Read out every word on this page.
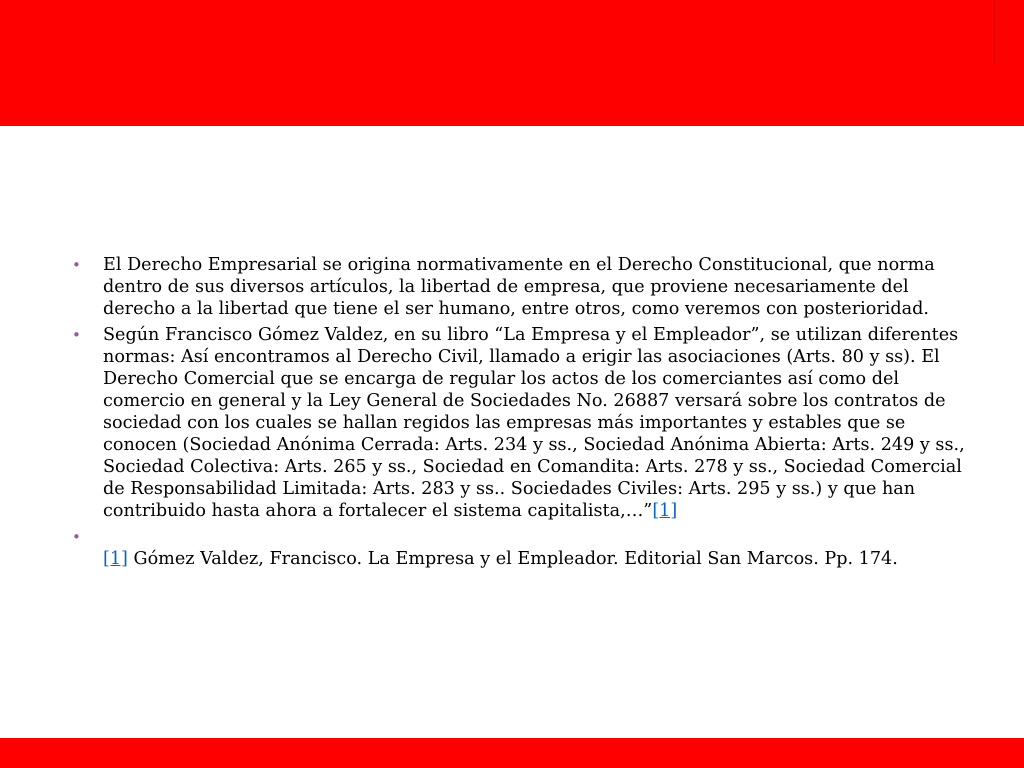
• El Derecho Empresarial se origina normativamente en el Derecho Constitucional, que norma dentro de sus diversos artículos, la libertad de empresa, que proviene necesariamente del derecho a la libertad que tiene el ser humano, entre otros, como veremos con posterioridad.
• Según Francisco Gómez Valdez, en su libro “La Empresa y el Empleador”, se utilizan diferentes normas: Así encontramos al Derecho Civil, llamado a erigir las asociaciones (Arts. 80 y ss). El Derecho Comercial que se encarga de regular los actos de los comerciantes así como del comercio en general y la Ley General de Sociedades No. 26887 versará sobre los contratos de sociedad con los cuales se hallan regidos las empresas más importantes y estables que se conocen (Sociedad Anónima Cerrada: Arts. 234 y ss., Sociedad Anónima Abierta: Arts. 249 y ss., Sociedad Colectiva: Arts. 265 y ss., Sociedad en Comandita: Arts. 278 y ss., Sociedad Comercial de Responsabilidad Limitada: Arts. 283 y ss.. Sociedades Civiles: Arts. 295 y ss.) y que han contribuido hasta ahora a fortalecer el sistema capitalista,…”[1]
•

[1] Gómez Valdez, Francisco. La Empresa y el Empleador. Editorial San Marcos. Pp. 174.
